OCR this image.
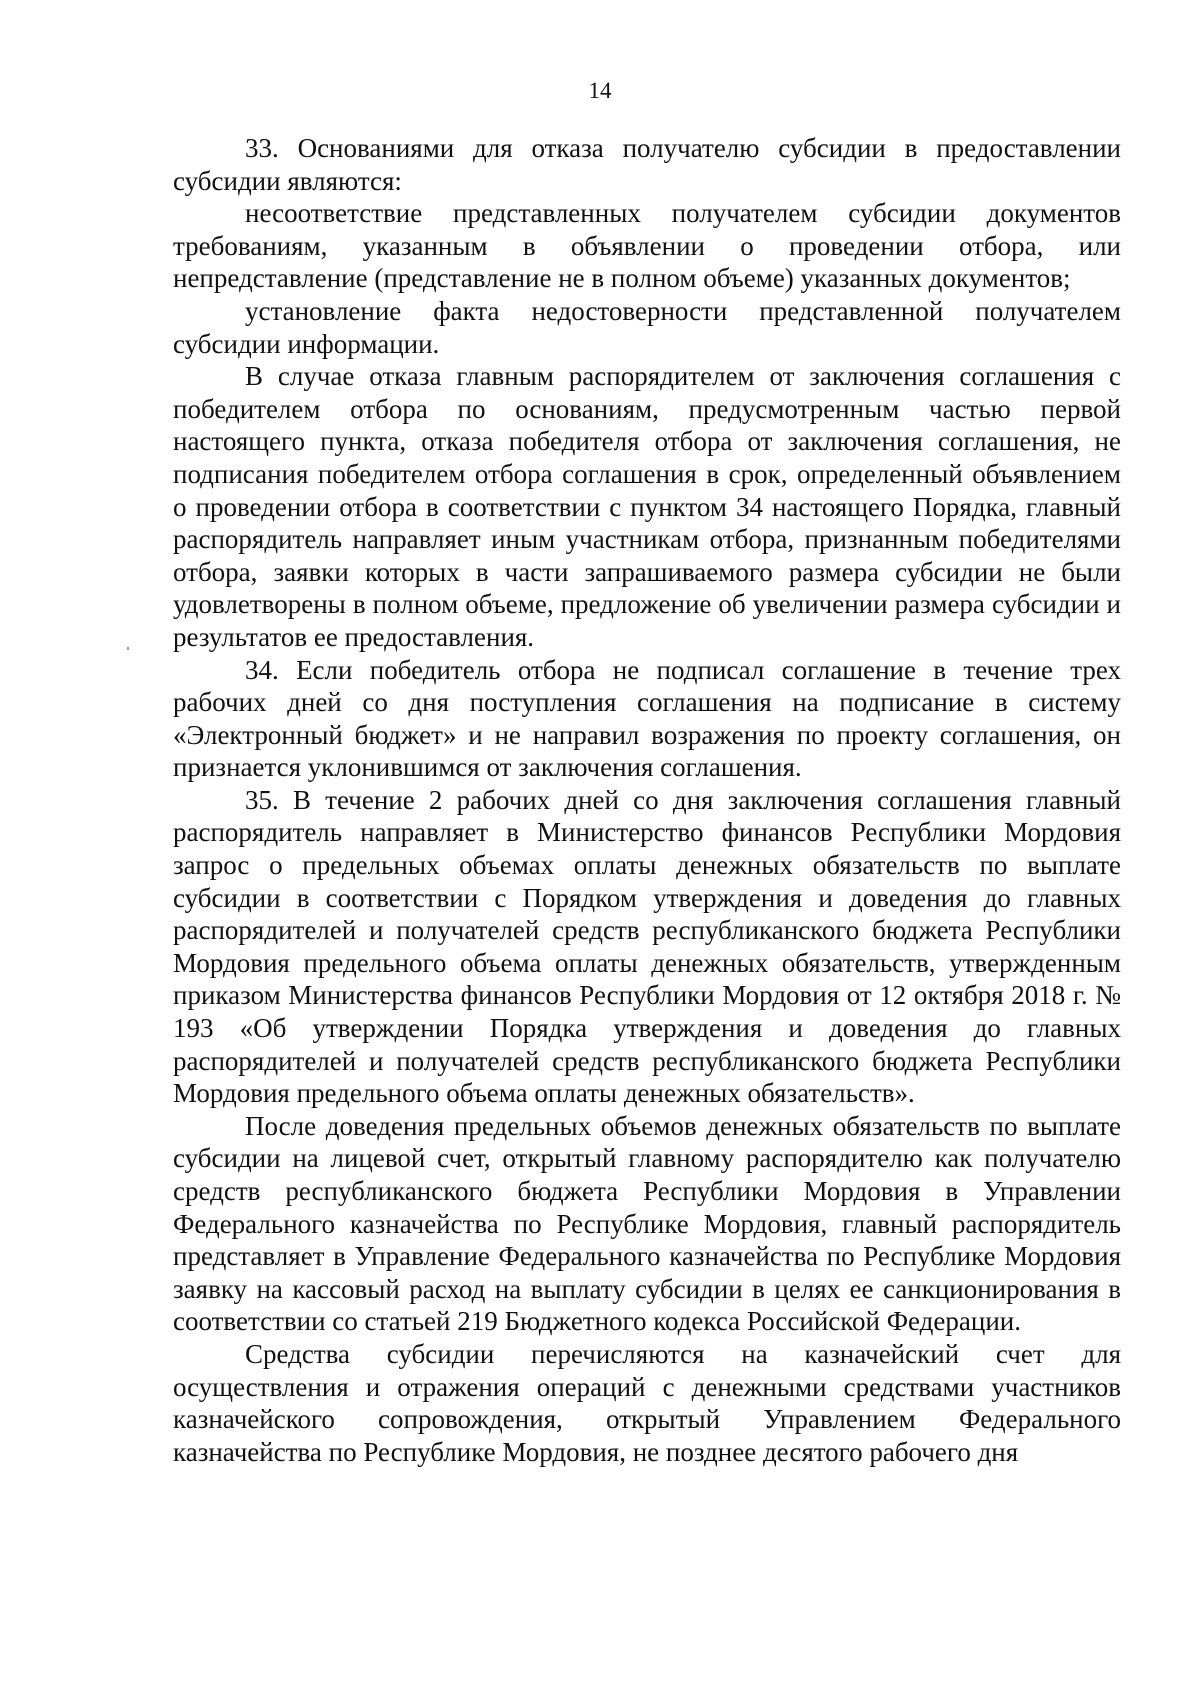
14

33. Основаниями для отказа получателю субсидии в предоставлении субсидии являются:

несоответствие представленных получателем субсидии документов требованиям, указанным в объявлении о проведении отбора, или непредставление (представление не в полном объеме) указанных документов;

установление факта недостоверности представленной получателем субсидии информации.

В случае отказа главным распорядителем от заключения соглашения с победителем отбора по основаниям, предусмотренным частью первой настоящего пункта, отказа победителя отбора от заключения соглашения, не подписания победителем отбора соглашения в срок, определенный объявлением о проведении отбора в соответствии с пунктом 34 настоящего Порядка, главный распорядитель направляет иным участникам отбора, признанным победителями отбора, заявки которых в части запрашиваемого размера субсидии не были удовлетворены в полном объеме, предложение об увеличении размера субсидии и результатов ее предоставления.

34. Если победитель отбора не подписал соглашение в течение трех рабочих дней со дня поступления соглашения на подписание в систему «Электронный бюджет» и не направил возражения по проекту соглашения, он признается уклонившимся от заключения соглашения.

35. В течение 2 рабочих дней со дня заключения соглашения главный распорядитель направляет в Министерство финансов Республики Мордовия запрос о предельных объемах оплаты денежных обязательств по выплате субсидии в соответствии с Порядком утверждения и доведения до главных распорядителей и получателей средств республиканского бюджета Республики Мордовия предельного объема оплаты денежных обязательств, утвержденным приказом Министерства финансов Республики Мордовия от 12 октября 2018 г. № 193 «Об утверждении Порядка утверждения и доведения до главных распорядителей и получателей средств республиканского бюджета Республики Мордовия предельного объема оплаты денежных обязательств».

После доведения предельных объемов денежных обязательств по выплате субсидии на лицевой счет, открытый главному распорядителю как получателю средств республиканского бюджета Республики Мордовия в Управлении Федерального казначейства по Республике Мордовия, главный распорядитель представляет в Управление Федерального казначейства по Республике Мордовия заявку на кассовый расход на выплату субсидии в целях ее санкционирования в соответствии со статьей 219 Бюджетного кодекса Российской Федерации.

Средства субсидии перечисляются на казначейский счет для осуществления и отражения операций с денежными средствами участников казначейского сопровождения, открытый Управлением Федерального казначейства по Республике Мордовия, не позднее десятого рабочего дня
